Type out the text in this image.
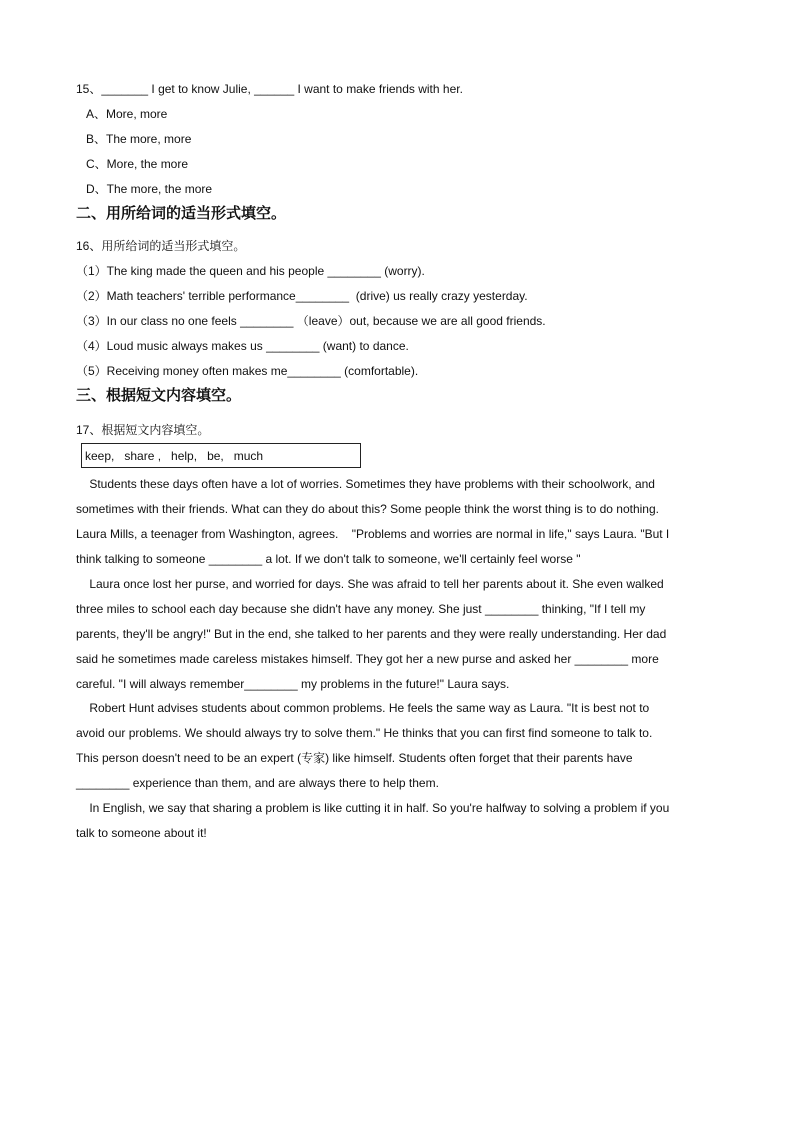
15、_______ I get to know Julie, ______ I want to make friends with her.
A、More, more
B、The more, more
C、More, the more
D、The more, the more
二、用所给词的适当形式填空。
16、用所给词的适当形式填空。
（1）The king made the queen and his people ________ (worry).
（2）Math teachers' terrible performance________  (drive) us really crazy yesterday.
（3）In our class no one feels ________ （leave）out, because we are all good friends.
（4）Loud music always makes us ________ (want) to dance.
（5）Receiving money often makes me________ (comfortable).
三、根据短文内容填空。
17、根据短文内容填空。
keep,   share ,   help,   be,   much
Students these days often have a lot of worries. Sometimes they have problems with their schoolwork, and
sometimes with their friends. What can they do about this? Some people think the worst thing is to do nothing.
Laura Mills, a teenager from Washington, agrees.    "Problems and worries are normal in life," says Laura. "But I
think talking to someone ________ a lot. If we don't talk to someone, we'll certainly feel worse "
Laura once lost her purse, and worried for days. She was afraid to tell her parents about it. She even walked
three miles to school each day because she didn't have any money. She just ________ thinking, "If I tell my
parents, they'll be angry!" But in the end, she talked to her parents and they were really understanding. Her dad
said he sometimes made careless mistakes himself. They got her a new purse and asked her ________ more
careful. "I will always remember________ my problems in the future!" Laura says.
Robert Hunt advises students about common problems. He feels the same way as Laura. "It is best not to
avoid our problems. We should always try to solve them." He thinks that you can first find someone to talk to.
This person doesn't need to be an expert (专家) like himself. Students often forget that their parents have
________ experience than them, and are always there to help them.
In English, we say that sharing a problem is like cutting it in half. So you're halfway to solving a problem if you
talk to someone about it!
